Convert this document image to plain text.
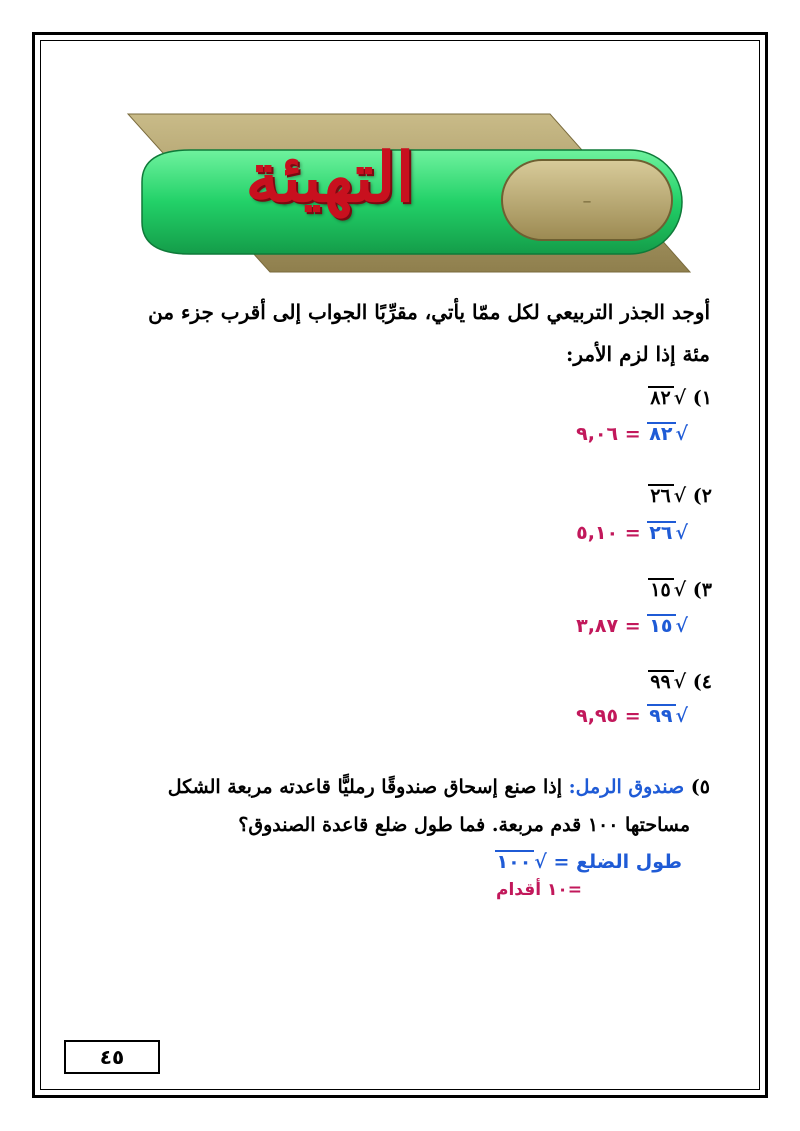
–
التهيئة
أوجد الجذر التربيعي لكل ممّا يأتي، مقرِّبًا الجواب إلى أقرب جزء من
مئة إذا لزم الأمر:
١) √٨٢
√٨٢ = ٩,٠٦
٢) √٢٦
√٢٦ = ٥,١٠
٣) √١٥
√١٥ = ٣,٨٧
٤) √٩٩
√٩٩ = ٩,٩٥
٥) صندوق الرمل: إذا صنع إسحاق صندوقًا رمليًّا قاعدته مربعة الشكل
مساحتها ١٠٠ قدم مربعة. فما طول ضلع قاعدة الصندوق؟
طول الضلع = √١٠٠
=١٠ أقدام
٤٥
